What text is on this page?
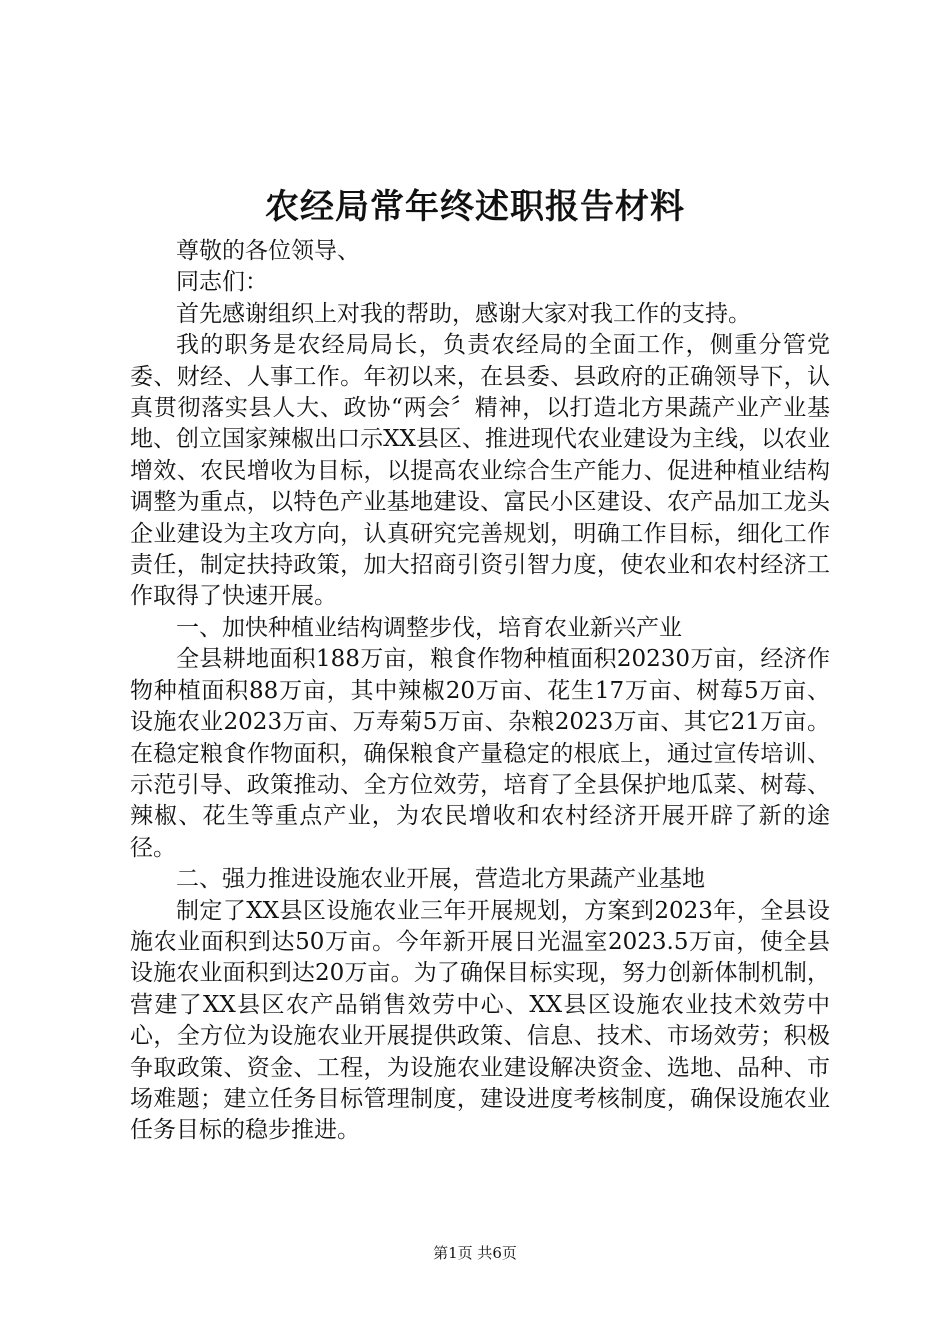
农经局常年终述职报告材料

尊敬的各位领导、

同志们：

首先感谢组织上对我的帮助，感谢大家对我工作的支持。

我的职务是农经局局长，负责农经局的全面工作，侧重分管党委、财经、人事工作。年初以来，在县委、县政府的正确领导下，认真贯彻落实县人大、政协“两会〞精神，以打造北方果蔬产业产业基地、创立国家辣椒出口示XX县区、推进现代农业建设为主线，以农业增效、农民增收为目标，以提高农业综合生产能力、促进种植业结构调整为重点，以特色产业基地建设、富民小区建设、农产品加工龙头企业建设为主攻方向，认真研究完善规划，明确工作目标，细化工作责任，制定扶持政策，加大招商引资引智力度，使农业和农村经济工作取得了快速开展。

一、加快种植业结构调整步伐，培育农业新兴产业

全县耕地面积188万亩，粮食作物种植面积20230万亩，经济作物种植面积88万亩，其中辣椒20万亩、花生17万亩、树莓5万亩、设施农业2023万亩、万寿菊5万亩、杂粮2023万亩、其它21万亩。在稳定粮食作物面积，确保粮食产量稳定的根底上，通过宣传培训、示范引导、政策推动、全方位效劳，培育了全县保护地瓜菜、树莓、辣椒、花生等重点产业，为农民增收和农村经济开展开辟了新的途径。

二、强力推进设施农业开展，营造北方果蔬产业基地

制定了XX县区设施农业三年开展规划，方案到2023年，全县设施农业面积到达50万亩。今年新开展日光温室2023.5万亩，使全县设施农业面积到达20万亩。为了确保目标实现，努力创新体制机制，营建了XX县区农产品销售效劳中心、XX县区设施农业技术效劳中心，全方位为设施农业开展提供政策、信息、技术、市场效劳；积极争取政策、资金、工程，为设施农业建设解决资金、选地、品种、市场难题；建立任务目标管理制度，建设进度考核制度，确保设施农业任务目标的稳步推进。

第1页 共6页
